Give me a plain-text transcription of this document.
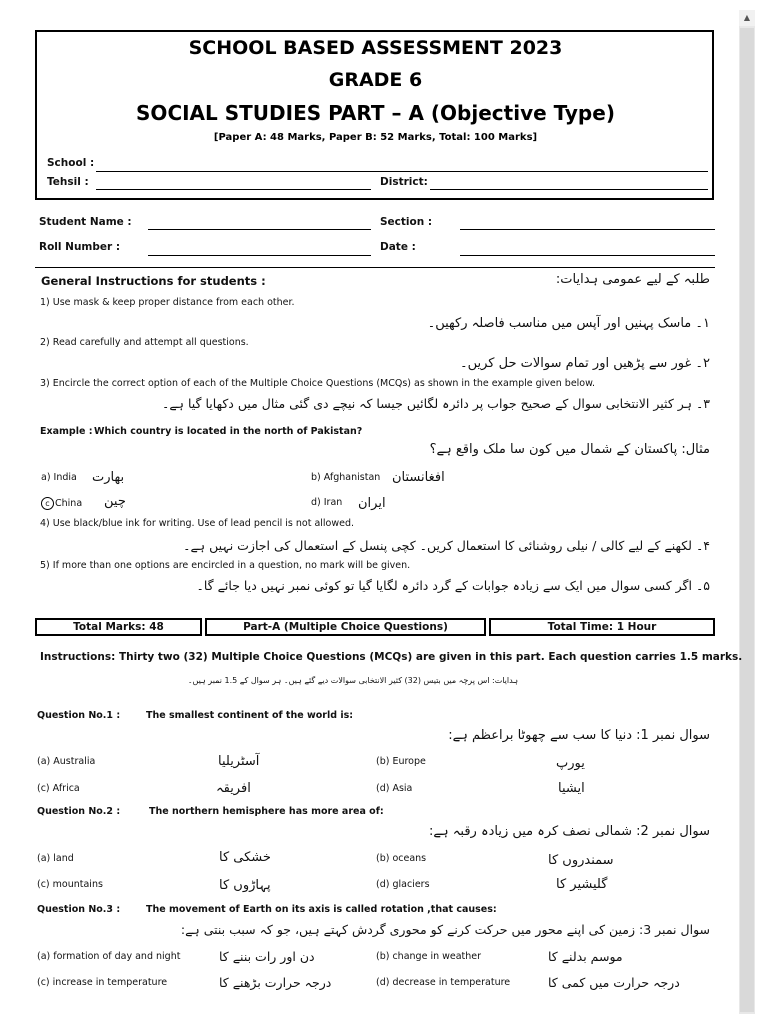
▲
SCHOOL BASED ASSESSMENT 2023
GRADE 6
SOCIAL STUDIES PART – A (Objective Type)
[Paper A: 48 Marks, Paper B: 52 Marks, Total: 100 Marks]
School :
Tehsil :	District:
Student Name :	Section :
Roll Number :	Date :
General Instructions for students :	طلبہ کے لیے عمومی ہدایات:
1) Use mask & keep proper distance from each other.
۱۔ ماسک پہنیں اور آپس میں مناسب فاصلہ رکھیں۔
2) Read carefully and attempt all questions.
۲۔ غور سے پڑھیں اور تمام سوالات حل کریں۔
3) Encircle the correct option of each of the Multiple Choice Questions (MCQs) as shown in the example given below.
۳۔ ہر کثیر الانتخابی سوال کے صحیح جواب پر دائرہ لگائیں جیسا کہ نیچے دی گئی مثال میں دکھایا گیا ہے۔
Example : Which country is located in the north of Pakistan?
مثال: پاکستان کے شمال میں کون سا ملک واقع ہے؟
a) India بھارت	b) Afghanistan افغانستان
c China چین	d) Iran ایران
4) Use black/blue ink for writing. Use of lead pencil is not allowed.
۴۔ لکھنے کے لیے کالی / نیلی روشنائی کا استعمال کریں۔ کچی پنسل کے استعمال کی اجازت نہیں ہے۔
5) If more than one options are encircled in a question, no mark will be given.
۵۔ اگر کسی سوال میں ایک سے زیادہ جوابات کے گرد دائرہ لگایا گیا تو کوئی نمبر نہیں دیا جائے گا۔
Total Marks: 48	Part-A (Multiple Choice Questions)	Total Time: 1 Hour
Instructions: Thirty two (32) Multiple Choice Questions (MCQs) are given in this part. Each question carries 1.5 marks.
ہدایات: اس پرچہ میں بتیس (32) کثیر الانتخابی سوالات دیے گئے ہیں۔ ہر سوال کے 1.5 نمبر ہیں۔
Question No.1 :	The smallest continent of the world is:
سوال نمبر 1: دنیا کا سب سے چھوٹا براعظم ہے:
(a) Australia	آسٹریلیا	(b) Europe	یورپ
(c) Africa	افریقہ	(d) Asia	ایشیا
Question No.2 :	The northern hemisphere has more area of:
سوال نمبر 2: شمالی نصف کرہ میں زیادہ رقبہ ہے:
(a) land	خشکی کا	(b) oceans	سمندروں کا
(c) mountains	پہاڑوں کا	(d) glaciers	گلیشیر کا
Question No.3 :	The movement of Earth on its axis is called rotation ,that causes:
سوال نمبر 3: زمین کی اپنے محور میں حرکت کرنے کو محوری گردش کہتے ہیں، جو کہ سبب بنتی ہے:
(a) formation of day and night	دن اور رات بننے کا	(b) change in weather	موسم بدلنے کا
(c) increase in temperature	درجہ حرارت بڑھنے کا	(d) decrease in temperature	درجہ حرارت میں کمی کا
